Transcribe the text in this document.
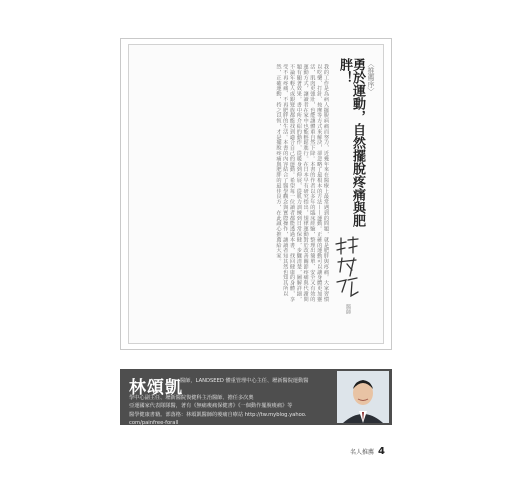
〈推薦序〉
勇於運動，自然擺脫疼痛與肥胖！
我的工作是為病人擺脫病痛而努力，近幾年來在醫療上最常遇到的問題，就是肥胖與疼痛。大家習慣以吃藥、打針、按摩等方式來解決，卻忽略了最根本的方法——運動。正確的運動可以讓身體更加靈活，肌肉更強壯，也能讓體重自然下降。本書的作者以多年的臨床經驗，整理出簡單、安全又有效的運動方式，讓讀者在家中也能輕鬆進行。在日本早有研究指出，規律運動對於改善關節疼痛與代謝問題有顯著效果。書中所介紹的動作，從暖身到伸展，從肌力訓練到日常保健，步驟清楚，圖解詳細，不論年輕人或銀髮族都能找到適合自己的運動。希望每一位讀者都能透過本書，找回健康的身體，享受不再疼痛、不再肥胖的生活。本書的內容結合了醫學觀念與實際操作，讓讀者知其然也知其所以然，正確運動，持之以恆，才是擺脫疼痛與肥胖的最佳良方，在此誠心推薦給大家。
醫師
林頌凱
醫師，LANDSEED 體重管理中心主任、壢新醫院運動醫
學中心副主任、壢新醫院復健科主治醫師、擔任多次奧
亞運國家代表隊隊醫，著有《無痛痠痛保健書》《一個動作擺脫痠痛》等
醫學健康書籍。部落格：林頌凱醫師的痠痛自療站 http://tw.myblog.yahoo.
com/painfree-forall
名人推薦 4
